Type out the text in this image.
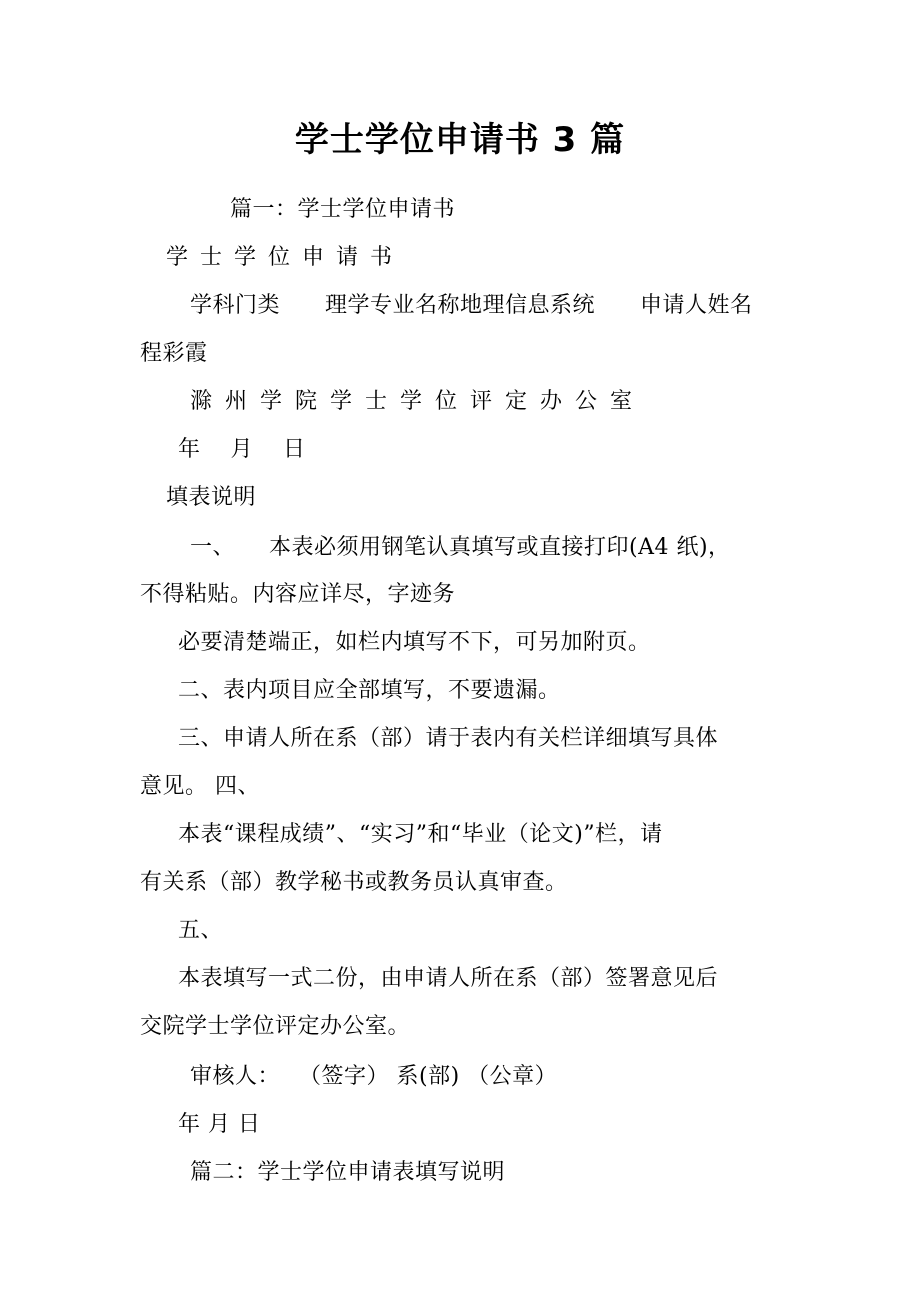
学士学位申请书 3 篇
篇一：学士学位申请书
学士学位申请书
学科门类　　理学专业名称地理信息系统　　申请人姓名
程彩霞
滁州学院学士学位评定办公室
年　 月　 日
填表说明
一、　　本表必须用钢笔认真填写或直接打印(A4 纸)，
不得粘贴。内容应详尽，字迹务
必要清楚端正，如栏内填写不下，可另加附页。
二、表内项目应全部填写，不要遗漏。
三、申请人所在系（部）请于表内有关栏详细填写具体
意见。 四、
本表“课程成绩”、“实习”和“毕业（论文)”栏，请
有关系（部）教学秘书或教务员认真审查。
五、
本表填写一式二份，由申请人所在系（部）签署意见后
交院学士学位评定办公室。
审核人：　 （签字） 系(部) （公章）
年 月 日
篇二：学士学位申请表填写说明
